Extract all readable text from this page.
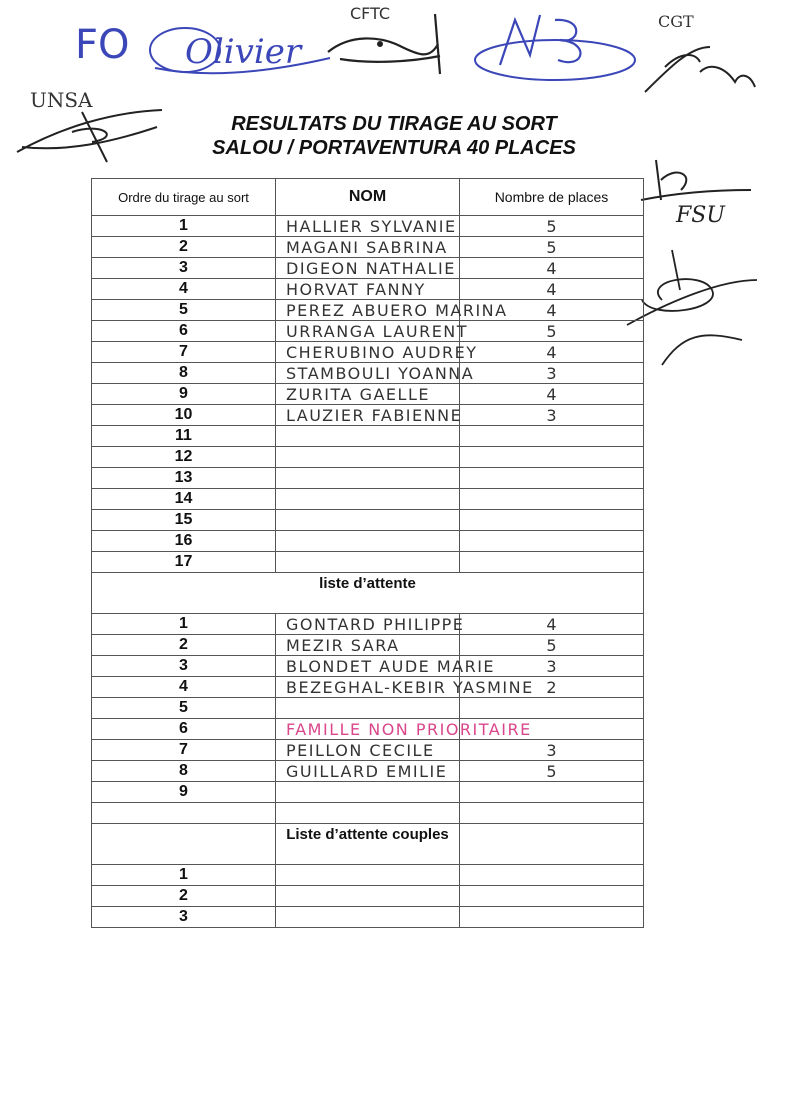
FO	Olivier
CFTC	CGT
UNSA
FSU
RESULTATS DU TIRAGE AU SORT
SALOU / PORTAVENTURA 40 PLACES
Ordre du tirage au sort	NOM	Nombre de places
1	HALLIER SYLVANIE	5
2	MAGANI SABRINA	5
3	DIGEON NATHALIE	4
4	HORVAT FANNY	4
5	PEREZ ABUERO MARINA	4
6	URRANGA LAURENT	5
7	CHERUBINO AUDREY	4
8	STAMBOULI YOANNA	3
9	ZURITA GAELLE	4
10	LAUZIER FABIENNE	3
11		
12		
13		
14		
15		
16		
17		
liste d’attente		
1	GONTARD PHILIPPE	4
2	MEZIR SARA	5
3	BLONDET AUDE MARIE	3
4	BEZEGHAL-KEBIR YASMINE	2
5		
6	FAMILLE NON PRIORITAIRE	
7	PEILLON CECILE	3
8	GUILLARD EMILIE	5
9		

	Liste d’attente couples	
1		
2		
3		
